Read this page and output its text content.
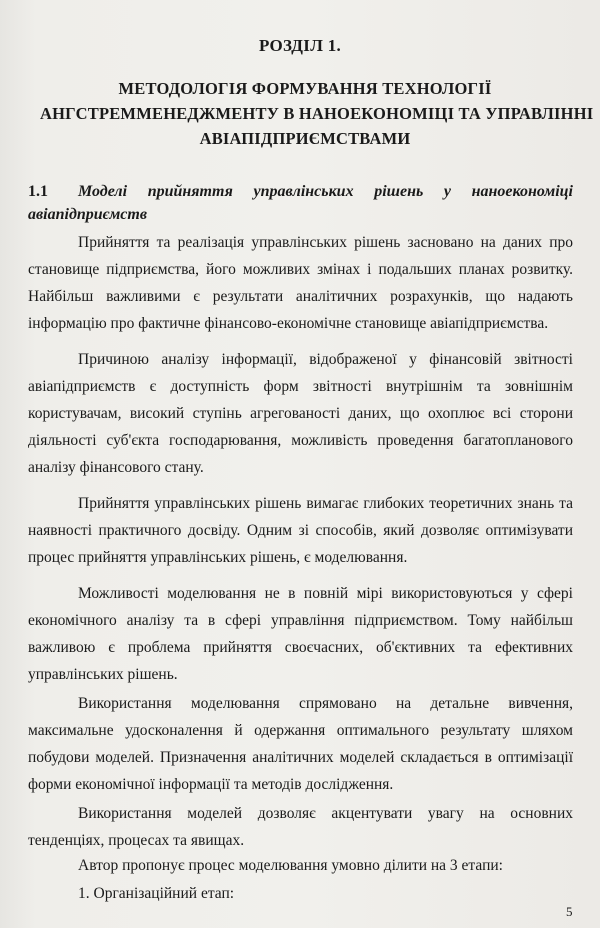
РОЗДІЛ 1.
МЕТОДОЛОГІЯ ФОРМУВАННЯ ТЕХНОЛОГІЇ
АНГСТРЕММЕНЕДЖМЕНТУ В НАНОЕКОНОМІЦІ ТА УПРАВЛІННІ
АВІАПІДПРИЄМСТВАМИ
1.1	Моделі прийняття управлінських рішень у наноекономіці
авіапідприємств

Прийняття та реалізація управлінських рішень засновано на даних про
становище підприємства, його можливих змінах і подальших планах розвитку.
Найбільш важливими є результати аналітичних розрахунків, що надають
інформацію про фактичне фінансово-економічне становище авіапідприємства.

Причиною аналізу інформації, відображеної у фінансовій звітності
авіапідприємств є доступність форм звітності внутрішнім та зовнішнім
користувачам, високий ступінь агрегованості даних, що охоплює всі сторони
діяльності суб'єкта господарювання, можливість проведення багатопланового
аналізу фінансового стану.

Прийняття управлінських рішень вимагає глибоких теоретичних знань та
наявності практичного досвіду. Одним зі способів, який дозволяє оптимізувати
процес прийняття управлінських рішень, є моделювання.

Можливості моделювання не в повній мірі використовуються у сфері
економічного аналізу та в сфері управління підприємством. Тому найбільш
важливою є проблема прийняття своєчасних, об'єктивних та ефективних
управлінських рішень.

Використання моделювання спрямовано на детальне вивчення,
максимальне удосконалення й одержання оптимального результату шляхом
побудови моделей. Призначення аналітичних моделей складається в оптимізації
форми економічної інформації та методів дослідження.

Використання моделей дозволяє акцентувати увагу на основних
тенденціях, процесах та явищах.

Автор пропонує процес моделювання умовно ділити на 3 етапи:

1. Організаційний етап:

5
